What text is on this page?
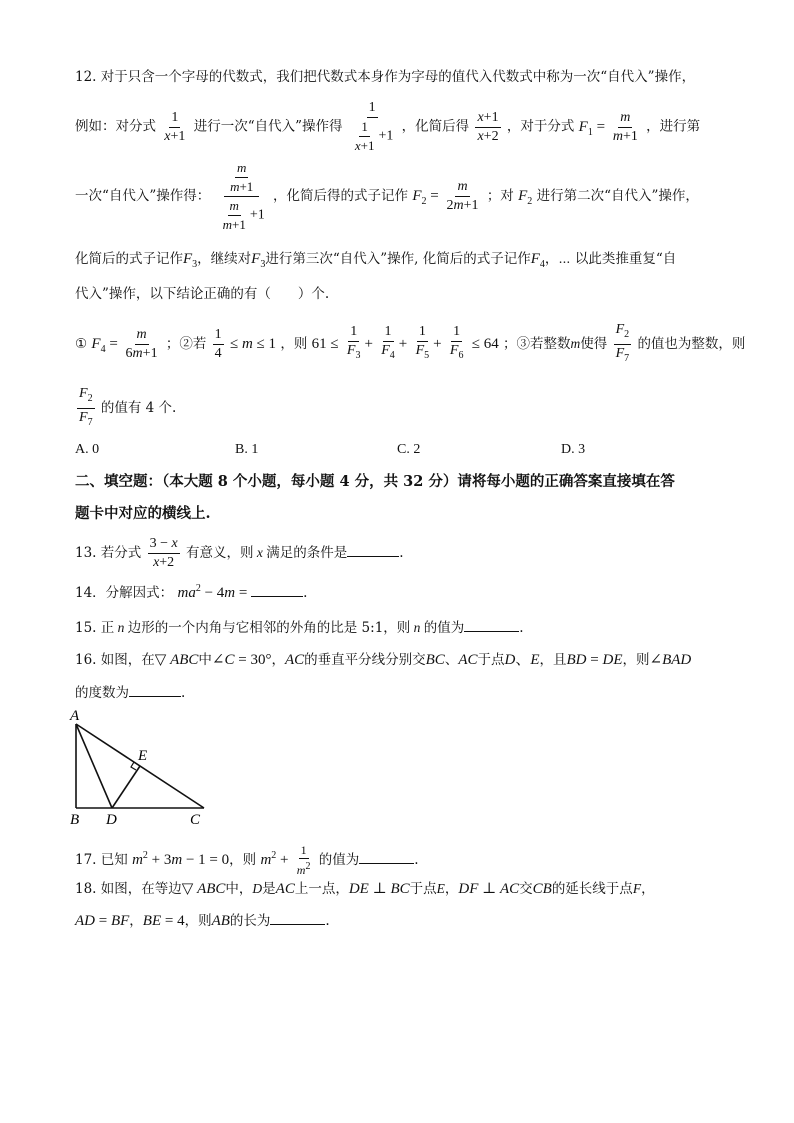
12. 对于只含一个字母的代数式，我们把代数式本身作为字母的值代入代数式中称为一次“自代入”操作，
例如：对分式 $\frac{1}{x+1}$ 进行一次“自代入”操作得 $\frac{1}{\frac{1}{x+1} +1}$ ，化简后得 $\frac{x+1}{x+2}$ ，对于分式 $F_1 = \frac{m}{m+1}$ ，进行第
一次“自代入”操作得： $\frac{\frac{m}{m+1}}{\frac{m}{m+1} +1}$ ，化简后得的式子记作 $F_2 = \frac{m}{2m+1}$ ；对 $F_2$ 进行第二次“自代入”操作，
化简后的式子记作$F_3$，继续对$F_3$进行第三次“自代入”操作, 化简后的式子记作$F_4$，⋯ 以此类推重复“自
代入”操作，以下结论正确的有（　　）个.
① $F_4 = \frac{m}{6m+1}$ ；②若 $\frac{1}{4} \le m \le 1$ ，则 $61 \le \frac{1}{F_3} + \frac{1}{F_4} + \frac{1}{F_5} + \frac{1}{F_6} \le 64$ ；③若整数m使得 $\frac{F_2}{F_7}$ 的值也为整数，则
$\frac{F_2}{F_7}$ 的值有 4 个.
A. 0	B. 1	C. 2	D. 3
二、填空题：（本大题 8 个小题，每小题 4 分，共 32 分）请将每小题的正确答案直接填在答
题卡中对应的横线上.
13. 若分式 $\frac{3 - x}{x+2}$ 有意义，则 x 满足的条件是	.
14．分解因式： $ma^2 - 4m$ =	.
15. 正 n 边形的一个内角与它相邻的外角的比是 5:1，则 n 的值为	.
16. 如图，在▽ ABC中∠C = 30°，AC的垂直平分线分别交BC、AC于点D、E，且BD = DE，则∠BAD
的度数为	.
A
E
B D	C
17. 已知 $m^2 + 3m - 1 = 0$，则 $m^2 + \frac{1}{m^2}$ 的值为	.
18. 如图，在等边▽ ABC中，D是AC上一点，DE ⊥ BC于点E，DF ⊥ AC交CB的延长线于点F，
AD = BF，BE = 4，则AB的长为	.
